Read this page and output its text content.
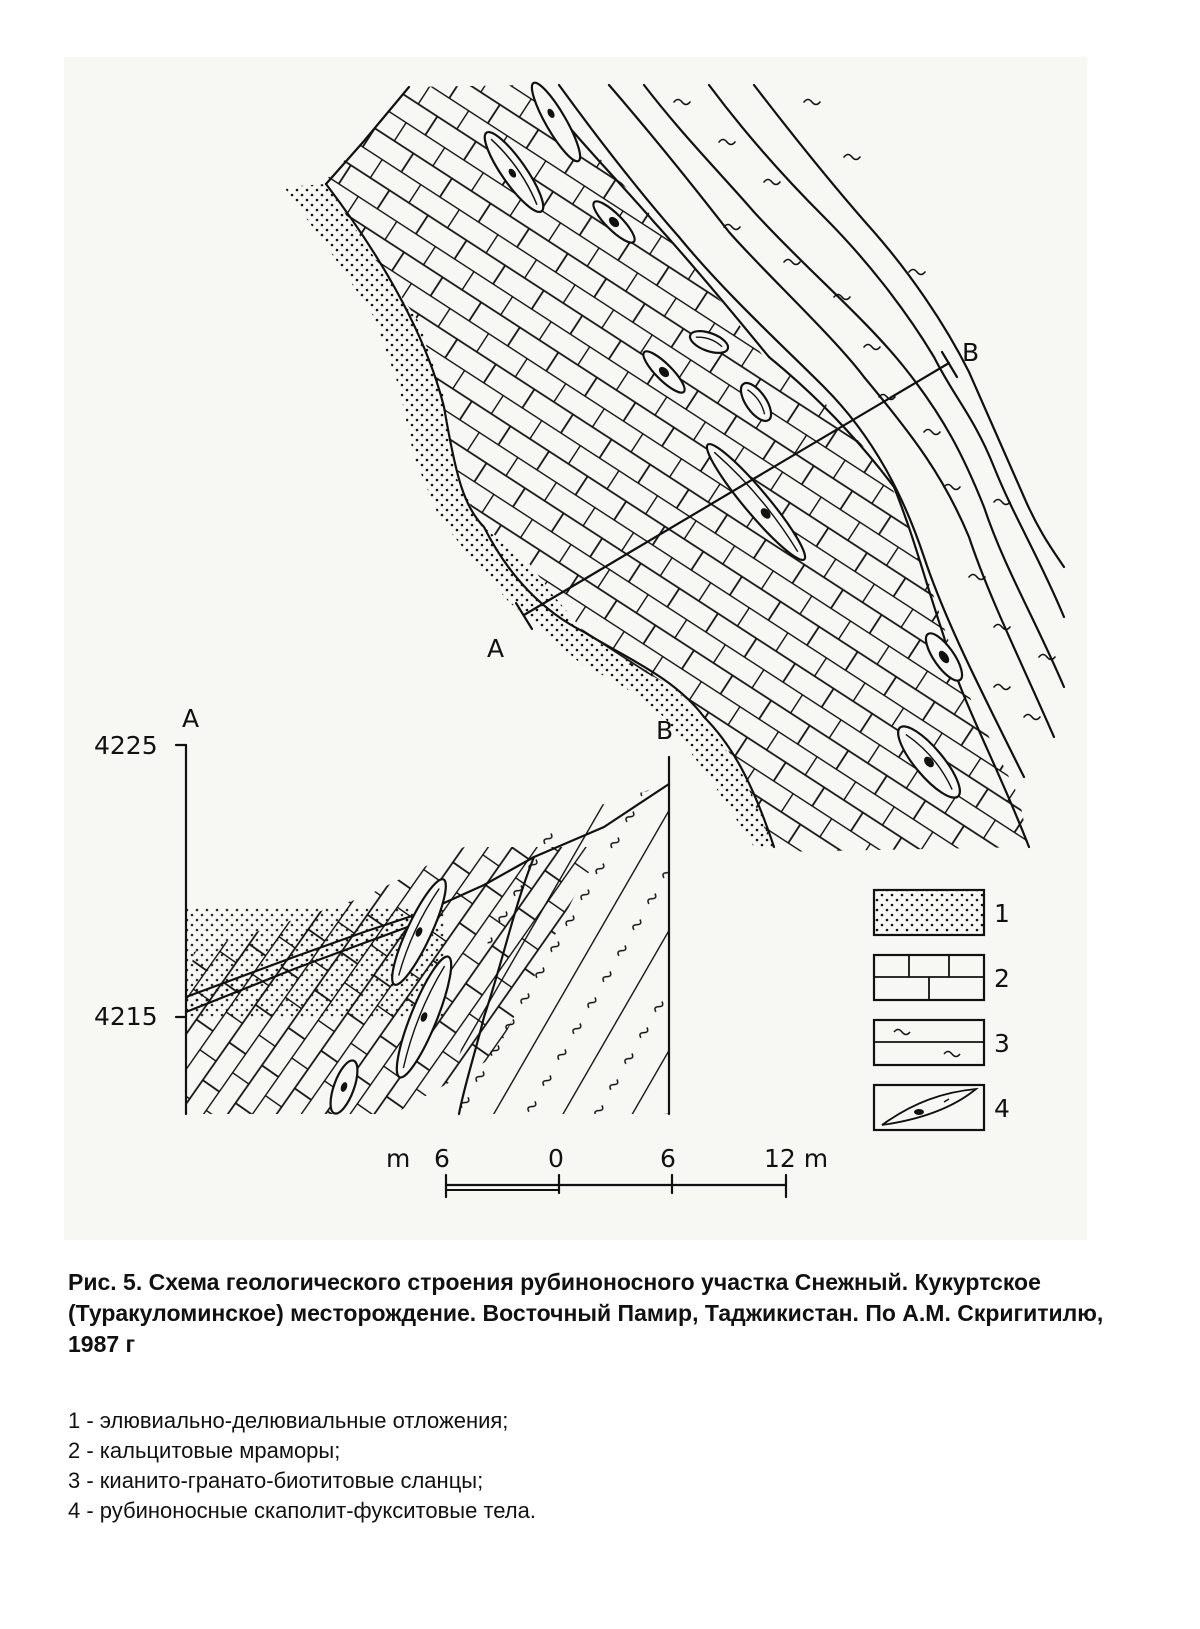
A
B
A	B
4225
4215
m 6	0	6	12 m
1
2
3
4

Рис. 5. Схема геологического строения рубиноносного участка Снежный. Кукуртское (Туракуломинское) месторождение. Восточный Памир, Таджикистан. По А.М. Скригитилю, 1987 г

1 - элювиально-делювиальные отложения;
2 - кальцитовые мраморы;
3 - кианито-гранато-биотитовые сланцы;
4 - рубиноносные скаполит-фукситовые тела.
